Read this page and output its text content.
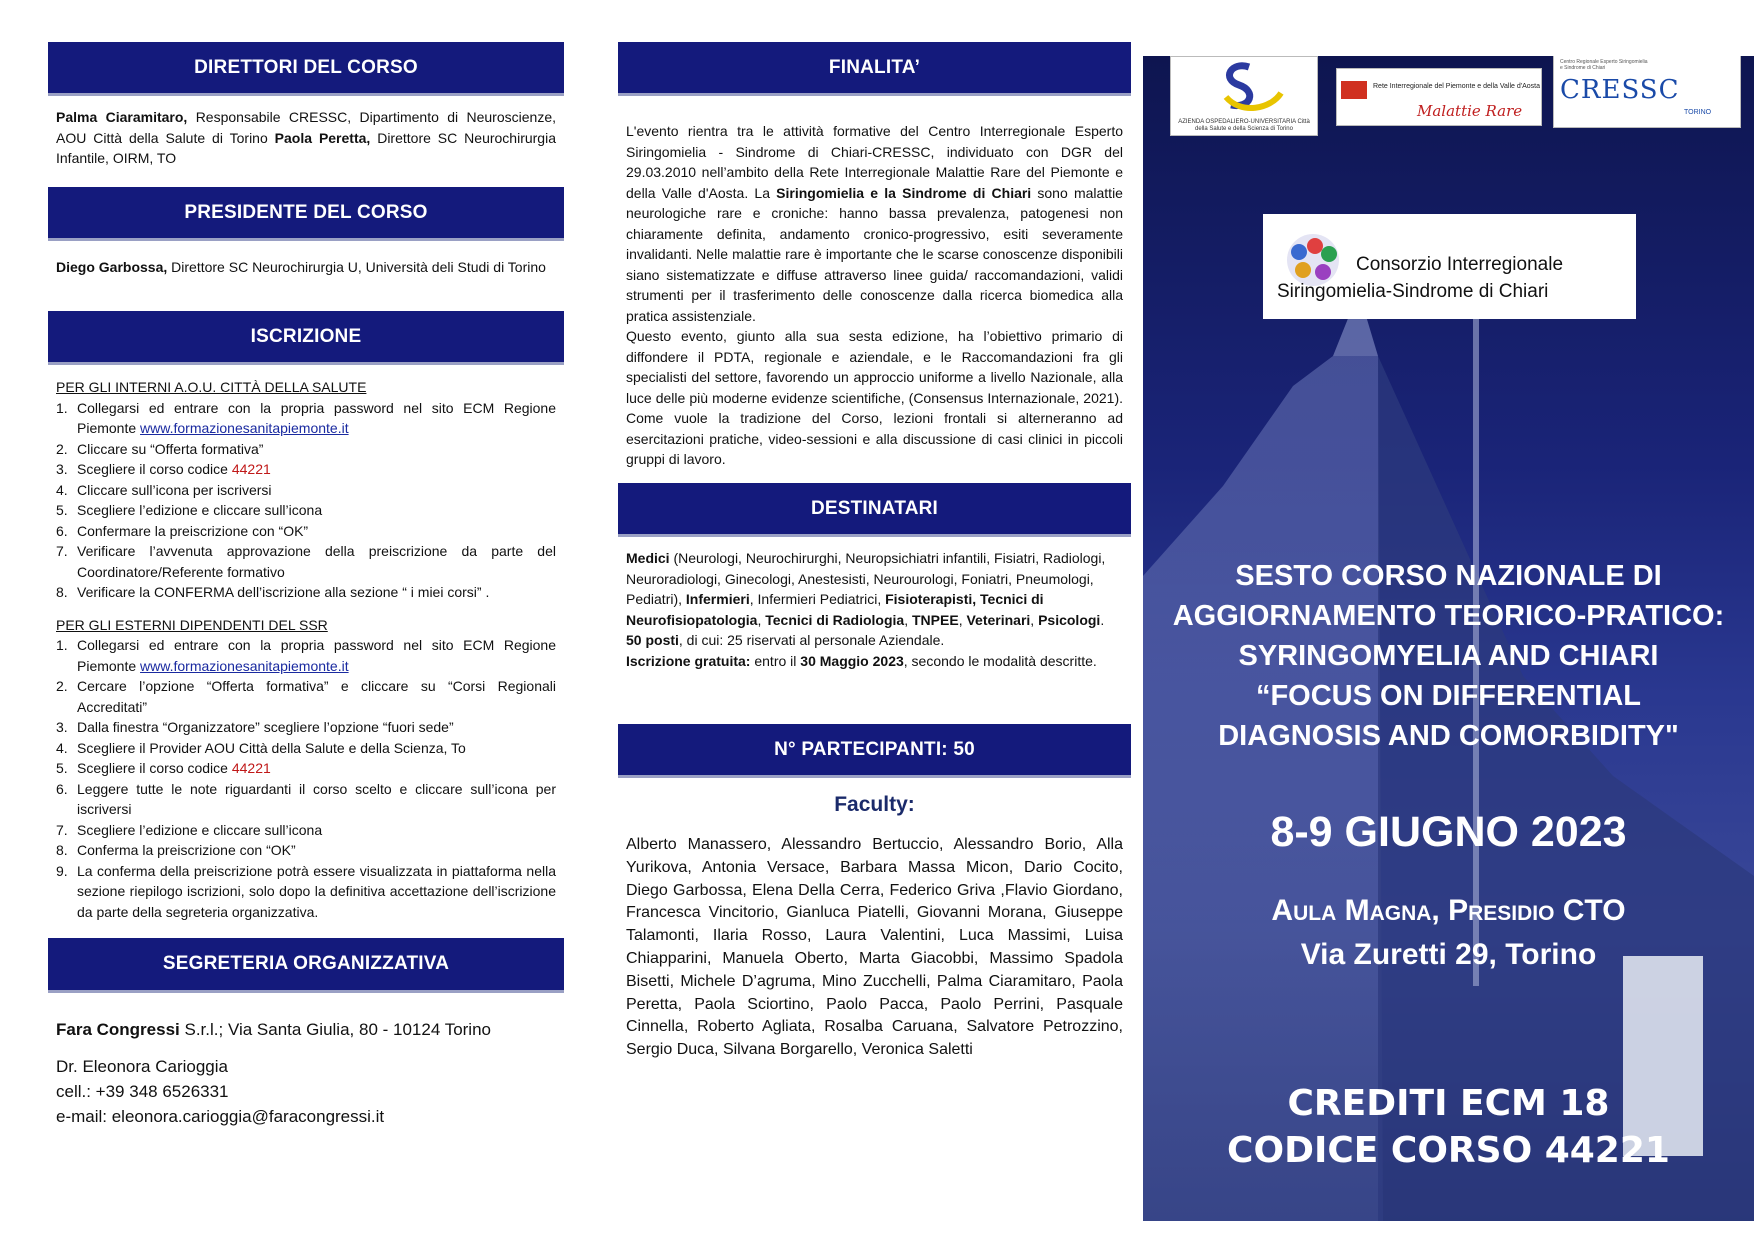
DIRETTORI DEL CORSO
Palma Ciaramitaro, Responsabile CRESSC, Dipartimento di Neuroscienze, AOU Città della Salute di Torino Paola Peretta, Direttore SC Neurochirurgia Infantile, OIRM, TO
PRESIDENTE DEL CORSO
Diego Garbossa, Direttore SC Neurochirurgia U, Università deli Studi di Torino
ISCRIZIONE
PER GLI INTERNI A.O.U. CITTÀ DELLA SALUTE
1. Collegarsi ed entrare con la propria password nel sito ECM Regione Piemonte www.formazionesanitapiemonte.it
2. Cliccare su “Offerta formativa”
3. Scegliere il corso codice 44221
4. Cliccare sull’icona per iscriversi
5. Scegliere l’edizione e cliccare sull’icona
6. Confermare la preiscrizione con “OK”
7. Verificare l’avvenuta approvazione della preiscrizione da parte del Coordinatore/Referente formativo
8. Verificare la CONFERMA dell’iscrizione alla sezione “ i miei corsi” .
PER GLI ESTERNI DIPENDENTI DEL SSR
1. Collegarsi ed entrare con la propria password nel sito ECM Regione Piemonte www.formazionesanitapiemonte.it
2. Cercare l’opzione “Offerta formativa” e cliccare su “Corsi Regionali Accreditati”
3. Dalla finestra “Organizzatore” scegliere l’opzione “fuori sede”
4. Scegliere il Provider AOU Città della Salute e della Scienza, To
5. Scegliere il corso codice 44221
6. Leggere tutte le note riguardanti il corso scelto e cliccare sull’icona per iscriversi
7. Scegliere l’edizione e cliccare sull’icona
8. Conferma la preiscrizione con “OK”
9. La conferma della preiscrizione potrà essere visualizzata in piattaforma nella sezione riepilogo iscrizioni, solo dopo la definitiva accettazione dell’iscrizione da parte della segreteria organizzativa.
SEGRETERIA ORGANIZZATIVA
Fara Congressi S.r.l.; Via Santa Giulia, 80 - 10124 Torino
Dr. Eleonora Carioggia
cell.: +39 348 6526331
e-mail: eleonora.carioggia@faracongressi.it
FINALITA’

L'evento rientra tra le attività formative del Centro Interregionale Esperto Siringomielia - Sindrome di Chiari-CRESSC, individuato con DGR del 29.03.2010 nell’ambito della Rete Interregionale Malattie Rare del Piemonte e della Valle d'Aosta. La Siringomielia e la Sindrome di Chiari sono malattie neurologiche rare e croniche: hanno bassa prevalenza, patogenesi non chiaramente definita, andamento cronico-progressivo, esiti severamente invalidanti. Nelle malattie rare è importante che le scarse conoscenze disponibili siano sistematizzate e diffuse attraverso linee guida/ raccomandazioni, validi strumenti per il trasferimento delle conoscenze dalla ricerca biomedica alla pratica assistenziale.

Questo evento, giunto alla sua sesta edizione, ha l’obiettivo primario di diffondere il PDTA, regionale e aziendale, e le Raccomandazioni fra gli specialisti del settore, favorendo un approccio uniforme a livello Nazionale, alla luce delle più moderne evidenze scientifiche, (Consensus Internazionale, 2021). Come vuole la tradizione del Corso, lezioni frontali si alterneranno ad esercitazioni pratiche, video-sessioni e alla discussione di casi clinici in piccoli gruppi di lavoro.

DESTINATARI

Medici (Neurologi, Neurochirurghi, Neuropsichiatri infantili, Fisiatri, Radiologi, Neuroradiologi, Ginecologi, Anestesisti, Neurourologi, Foniatri, Pneumologi, Pediatri), Infermieri, Infermieri Pediatrici, Fisioterapisti, Tecnici di Neurofisiopatologia, Tecnici di Radiologia, TNPEE, Veterinari, Psicologi.

50 posti, di cui: 25 riservati al personale Aziendale.

Iscrizione gratuita: entro il 30 Maggio 2023, secondo le modalità descritte.

N° PARTECIPANTI: 50
Faculty:
Alberto Manassero, Alessandro Bertuccio, Alessandro Borio, Alla Yurikova, Antonia Versace, Barbara Massa Micon, Dario Cocito, Diego Garbossa, Elena Della Cerra, Federico Griva ,Flavio Giordano, Francesca Vincitorio, Gianluca Piatelli, Giovanni Morana, Giuseppe Talamonti, Ilaria Rosso, Laura Valentini, Luca Massimi, Luisa Chiapparini, Manuela Oberto, Marta Giacobbi, Massimo Spadola Bisetti, Michele D’agruma, Mino Zucchelli, Palma Ciaramitaro, Paola Peretta, Paola Sciortino, Paolo Pacca, Paolo Perrini, Pasquale Cinnella, Roberto Agliata, Rosalba Caruana, Salvatore Petrozzino, Sergio Duca, Silvana Borgarello, Veronica Saletti
AZIENDA OSPEDALIERO-UNIVERSITARIA Città della Salute e della Scienza di Torino
Rete Interregionale del Piemonte e della Valle d'Aosta
Malattie Rare
Centro Regionale Esperto Siringomielia e Sindrome di Chiari
CRESSC
TORINO
Consorzio Interregionale
Siringomielia-Sindrome di Chiari
SESTO CORSO NAZIONALE DI
AGGIORNAMENTO TEORICO-PRATICO:
SYRINGOMYELIA AND CHIARI
“FOCUS ON DIFFERENTIAL
DIAGNOSIS AND COMORBIDITY"
8-9 GIUGNO 2023
Aula Magna, Presidio CTO
Via Zuretti 29, Torino
CREDITI ECM 18
CODICE CORSO 44221
